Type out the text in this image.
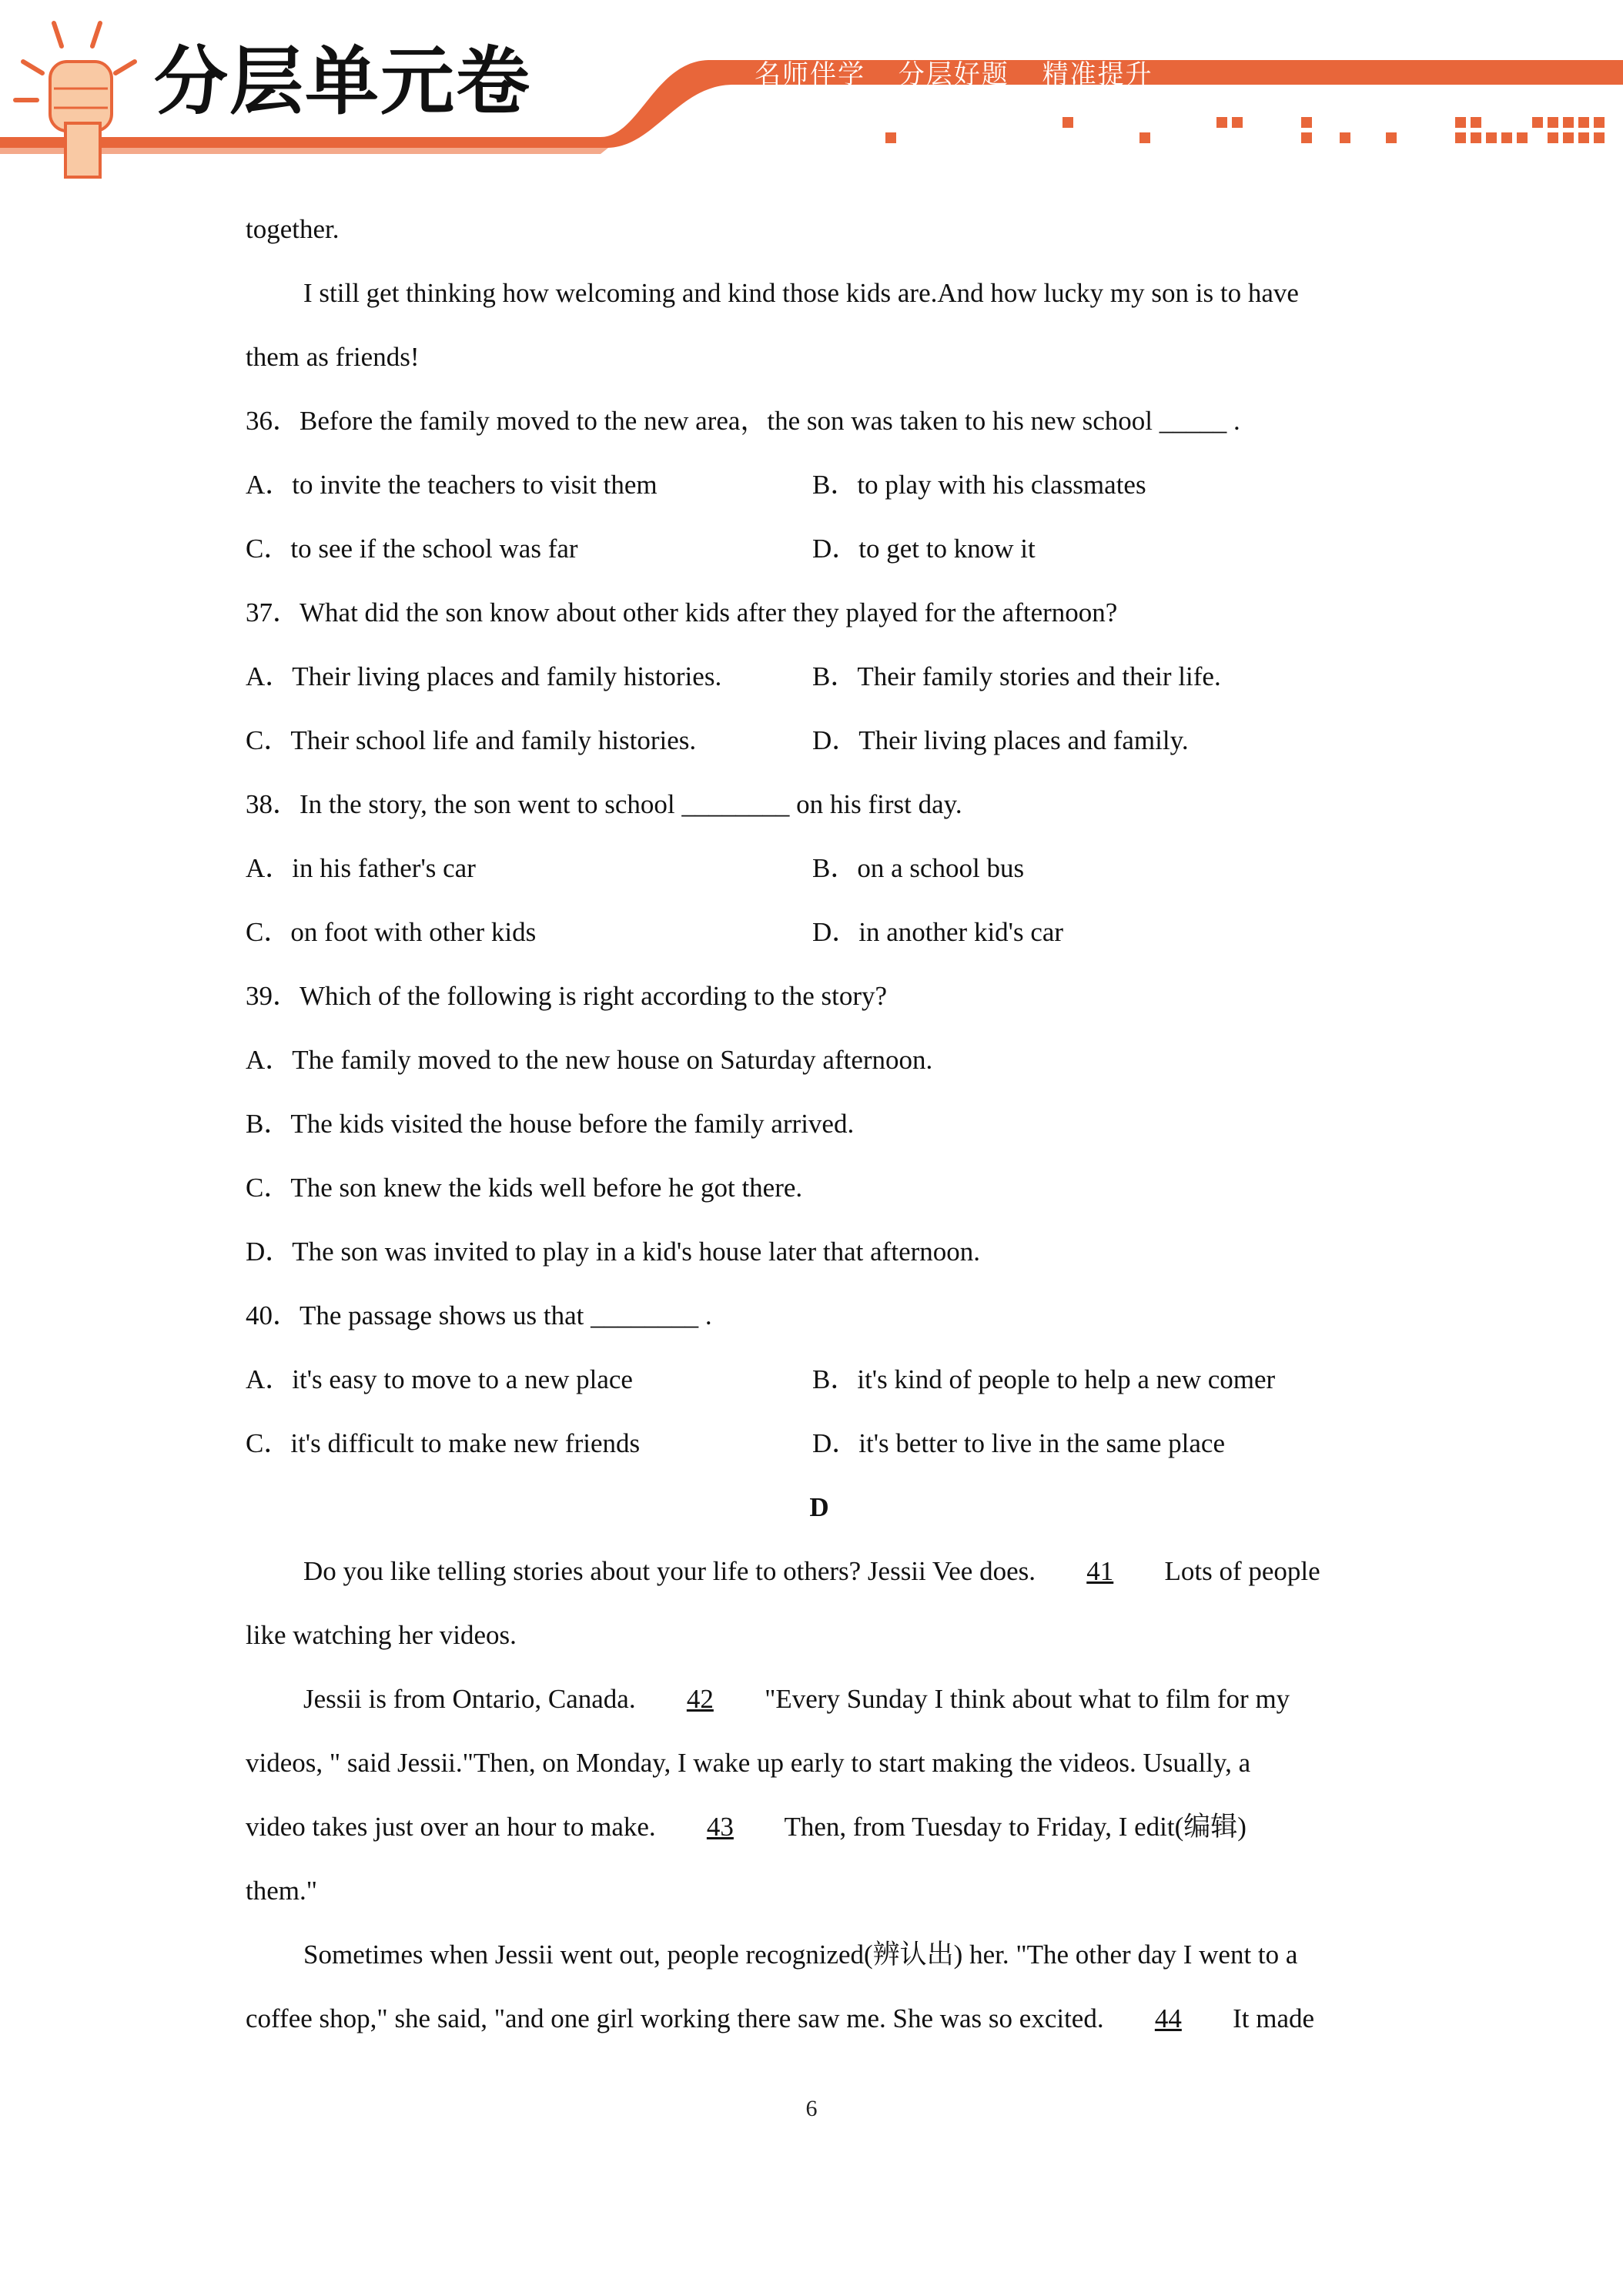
分层单元卷	名师伴学 分层好题 精准提升
together.
I still get thinking how welcoming and kind those kids are.And how lucky my son is to have
them as friends!
36．Before the family moved to the new area，the son was taken to his new school _____ .
A．to invite the teachers to visit them	B．to play with his classmates
C．to see if the school was far	D．to get to know it
37．What did the son know about other kids after they played for the afternoon?
A．Their living places and family histories.	B．Their family stories and their life.
C．Their school life and family histories.	D．Their living places and family.
38．In the story, the son went to school ________ on his first day.
A．in his father's car	B．on a school bus
C．on foot with other kids	D．in another kid's car
39．Which of the following is right according to the story?
A．The family moved to the new house on Saturday afternoon.
B．The kids visited the house before the family arrived.
C．The son knew the kids well before he got there.
D．The son was invited to play in a kid's house later that afternoon.
40．The passage shows us that ________ .
A．it's easy to move to a new place	B．it's kind of people to help a new comer
C．it's difficult to make new friends	D．it's better to live in the same place
D
Do you like telling stories about your life to others? Jessii Vee does. 41 Lots of people
like watching her videos.
Jessii is from Ontario, Canada. 42 "Every Sunday I think about what to film for my
videos, " said Jessii."Then, on Monday, I wake up early to start making the videos. Usually, a
video takes just over an hour to make. 43 Then, from Tuesday to Friday, I edit(编辑)
them."
Sometimes when Jessii went out, people recognized(辨认出) her. "The other day I went to a
coffee shop," she said, "and one girl working there saw me. She was so excited. 44 It made
6
